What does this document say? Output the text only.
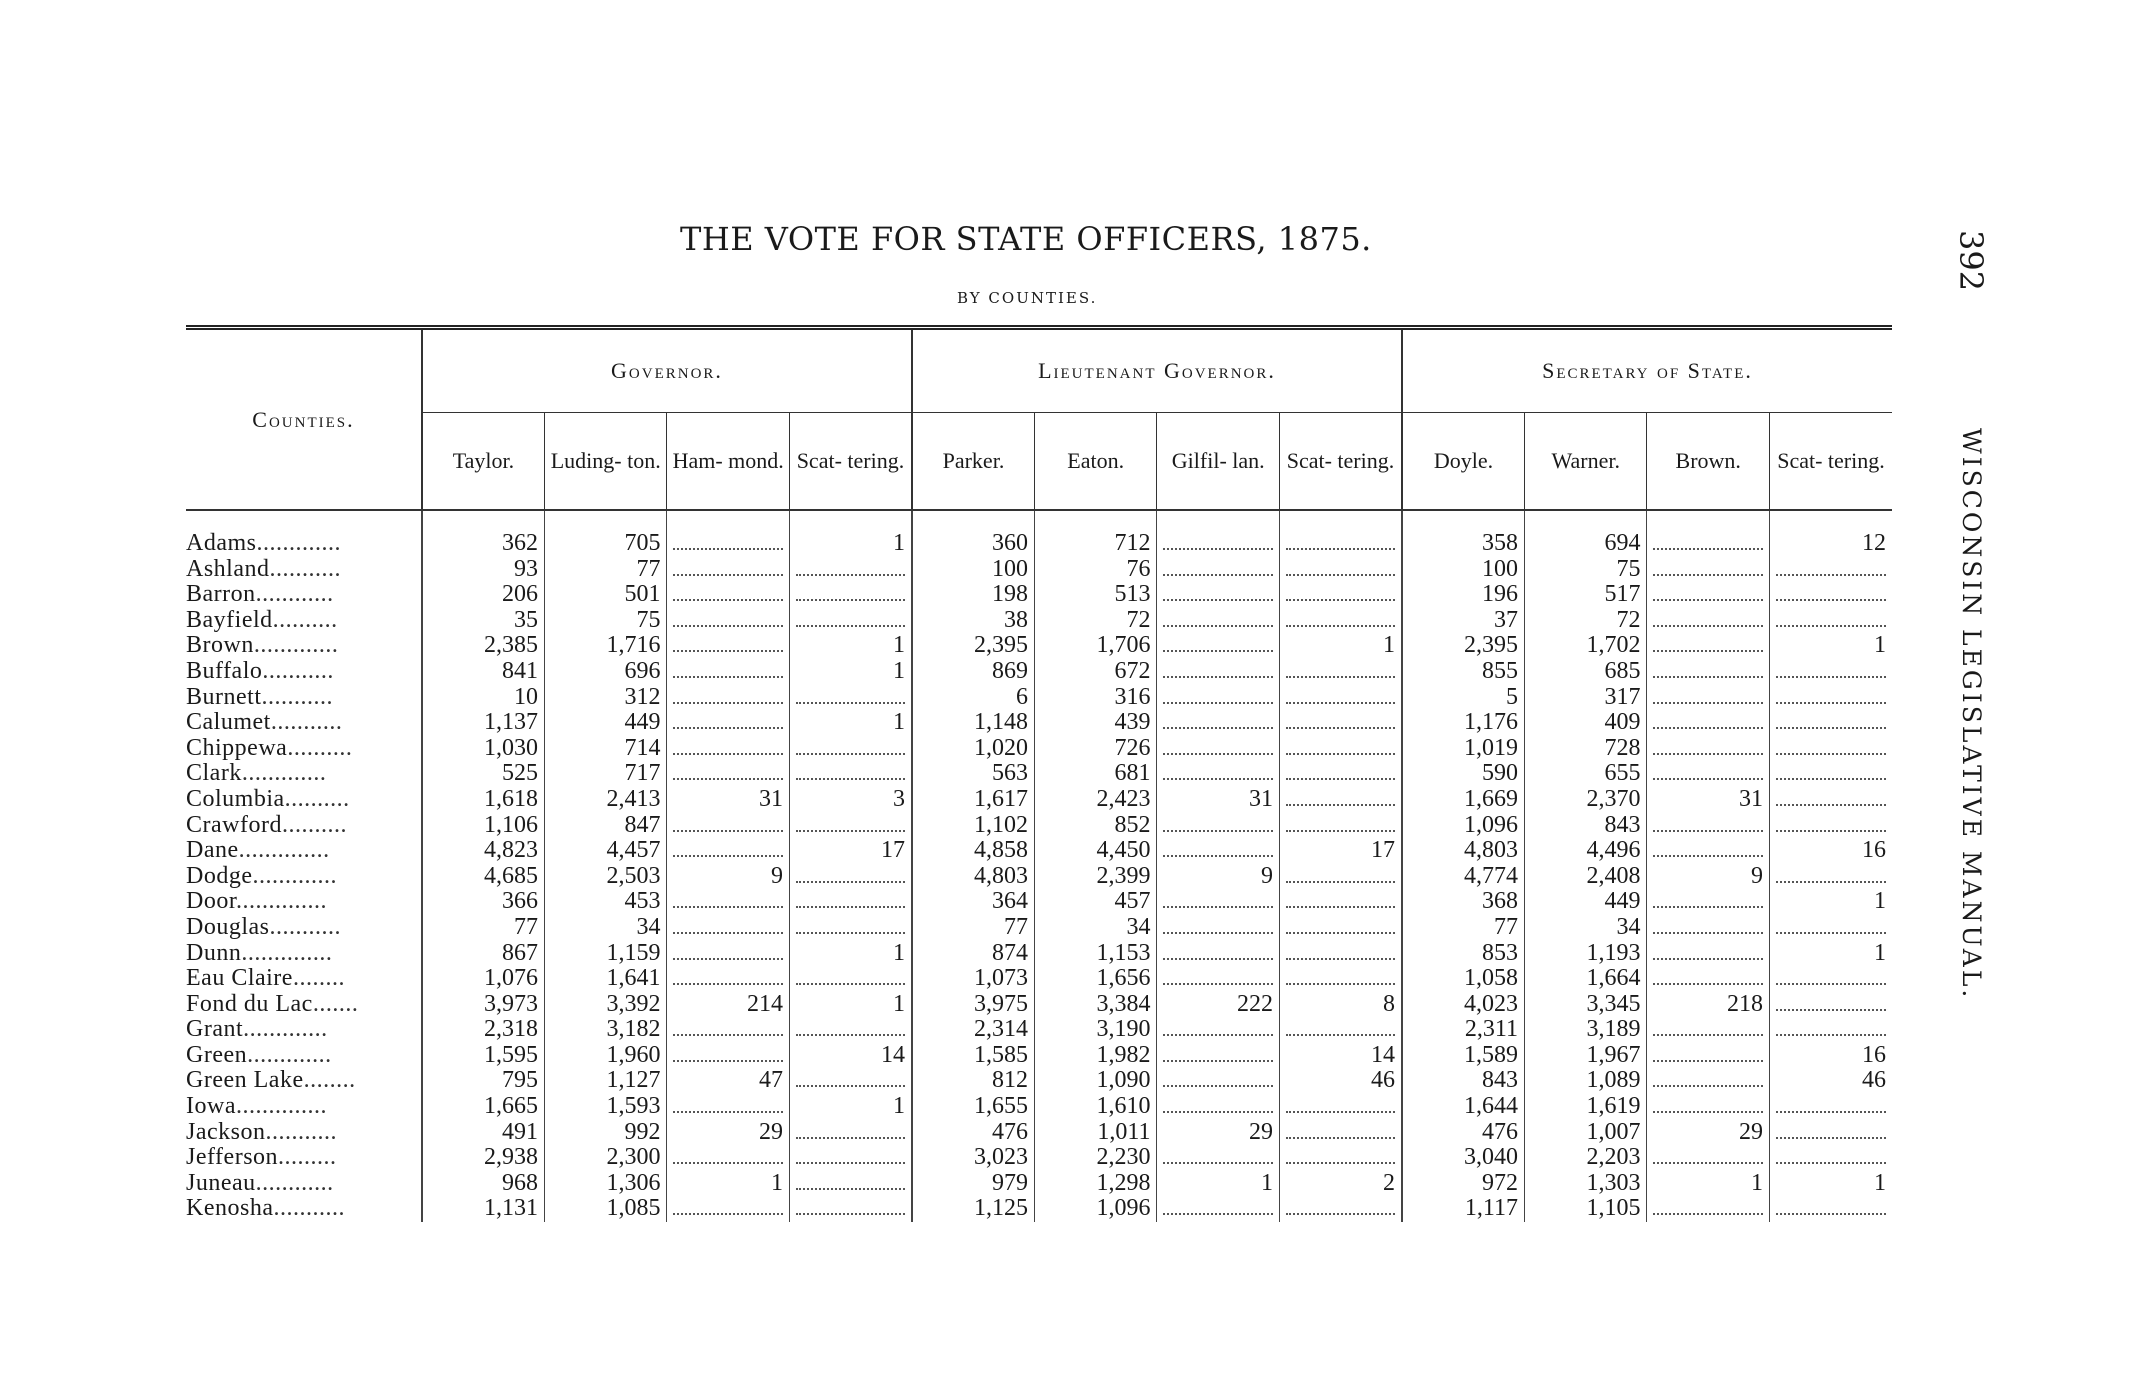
THE VOTE FOR STATE OFFICERS, 1875.
BY COUNTIES.
392
WISCONSIN LEGISLATIVE MANUAL.
Counties.	Governor.				Lieutenant Governor.				Secretary of State.			
	Taylor.	Luding- ton.	Ham- mond.	Scat- tering.	Parker.	Eaton.	Gilfil- lan.	Scat- tering.	Doyle.	Warner.	Brown.	Scat- tering.
Adams.............	362	705		1	360	712			358	694		12
Ashland...........	93	77			100	76			100	75		
Barron............	206	501			198	513			196	517		
Bayfield..........	35	75			38	72			37	72		
Brown.............	2,385	1,716		1	2,395	1,706		1	2,395	1,702		1
Buffalo...........	841	696		1	869	672			855	685		
Burnett...........	10	312			6	316			5	317		
Calumet...........	1,137	449		1	1,148	439			1,176	409		
Chippewa..........	1,030	714			1,020	726			1,019	728		
Clark.............	525	717			563	681			590	655		
Columbia..........	1,618	2,413	31	3	1,617	2,423	31		1,669	2,370	31	
Crawford..........	1,106	847			1,102	852			1,096	843		
Dane..............	4,823	4,457		17	4,858	4,450		17	4,803	4,496		16
Dodge.............	4,685	2,503	9		4,803	2,399	9		4,774	2,408	9	
Door..............	366	453			364	457			368	449		1
Douglas...........	77	34			77	34			77	34		
Dunn..............	867	1,159		1	874	1,153			853	1,193		1
Eau Claire........	1,076	1,641			1,073	1,656			1,058	1,664		
Fond du Lac.......	3,973	3,392	214	1	3,975	3,384	222	8	4,023	3,345	218	
Grant.............	2,318	3,182			2,314	3,190			2,311	3,189		
Green.............	1,595	1,960		14	1,585	1,982		14	1,589	1,967		16
Green Lake........	795	1,127	47		812	1,090		46	843	1,089		46
Iowa..............	1,665	1,593		1	1,655	1,610			1,644	1,619		
Jackson...........	491	992	29		476	1,011	29		476	1,007	29	
Jefferson.........	2,938	2,300			3,023	2,230			3,040	2,203		
Juneau............	968	1,306	1		979	1,298	1	2	972	1,303	1	1
Kenosha...........	1,131	1,085			1,125	1,096			1,117	1,105		
